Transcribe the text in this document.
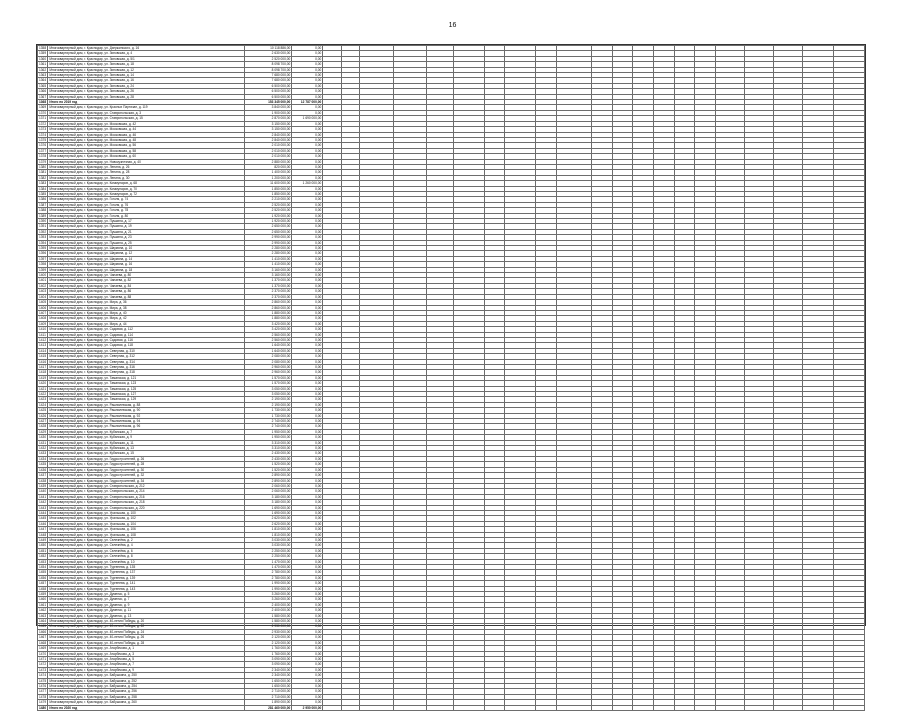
16
1358	Многоквартирный дом, г. Краснодар, ул. Дзержинского, д. 16	10 118 886,00	0,00																					
1359	Многоквартирный дом, г. Краснодар, ул. Зиповская, д. 4	2 630 000,00	0,00																					
1360	Многоквартирный дом, г. Краснодар, ул. Зиповская, д. 5/1	2 520 000,00	0,00																					
1361	Многоквартирный дом, г. Краснодар, ул. Зиповская, д. 18	8 098 700,00	0,00																					
1362	Многоквартирный дом, г. Краснодар, ул. Зиповская, д. 12	8 098 700,00	0,00																					
1363	Многоквартирный дом, г. Краснодар, ул. Зиповская, д. 14	7 680 000,00	0,00																					
1364	Многоквартирный дом, г. Краснодар, ул. Зиповская, д. 16	7 680 000,00	0,00																					
1365	Многоквартирный дом, г. Краснодар, ул. Зиповская, д. 24	6 500 000,00	0,00																					
1366	Многоквартирный дом, г. Краснодар, ул. Зиповская, д. 26	6 500 000,00	0,00																					
1367	Многоквартирный дом, г. Краснодар, ул. Зиповская, д. 28	6 500 000,00	0,00																					
1368	Итого по 2019 год	153 345 000,00	12 787 000,00																					
1369	Многоквартирный дом, г. Краснодар, ул. Красных Партизан, д. 119	3 840 000,00	0,00																					
1370	Многоквартирный дом, г. Краснодар, ул. Ставропольская, д. 3	1 900 000,00	0,00																					
1371	Многоквартирный дом, г. Краснодар, ул. Ставропольская, д. 15	2 870 000,00	1 690 000,00																					
1372	Многоквартирный дом, г. Краснодар, ул. Московская, д. 42	3 150 000,00	0,00																					
1373	Многоквартирный дом, г. Краснодар, ул. Московская, д. 44	3 150 000,00	0,00																					
1374	Многоквартирный дом, г. Краснодар, ул. Московская, д. 46	2 840 000,00	0,00																					
1375	Многоквартирный дом, г. Краснодар, ул. Московская, д. 48	2 840 000,00	0,00																					
1376	Многоквартирный дом, г. Краснодар, ул. Московская, д. 56	2 010 000,00	0,00																					
1377	Многоквартирный дом, г. Краснодар, ул. Московская, д. 58	2 010 000,00	0,00																					
1378	Многоквартирный дом, г. Краснодар, ул. Московская, д. 60	2 010 000,00	0,00																					
1379	Многоквартирный дом, г. Краснодар, ул. Новокузнечная, д. 40	2 880 000,00	0,00																					
1380	Многоквартирный дом, г. Краснодар, ул. Ленина, д. 26	820 000,00	0,00																					
1381	Многоквартирный дом, г. Краснодар, ул. Ленина, д. 28	1 400 000,00	0,00																					
1382	Многоквартирный дом, г. Краснодар, ул. Ленина, д. 30	1 200 000,00	0,00																					
1383	Многоквартирный дом, г. Краснодар, ул. Коммунаров, д. 68	11 600 000,00	1 260 000,00																					
1384	Многоквартирный дом, г. Краснодар, ул. Коммунаров, д. 70	1 850 000,00	0,00																					
1385	Многоквартирный дом, г. Краснодар, ул. Коммунаров, д. 72	1 850 000,00	0,00																					
1386	Многоквартирный дом, г. Краснодар, ул. Гоголя, д. 74	2 210 000,00	0,00																					
1387	Многоквартирный дом, г. Краснодар, ул. Гоголя, д. 76	2 520 000,00	0,00																					
1388	Многоквартирный дом, г. Краснодар, ул. Гоголя, д. 78	2 520 000,00	0,00																					
1389	Многоквартирный дом, г. Краснодар, ул. Гоголя, д. 80	1 920 000,00	0,00																					
1390	Многоквартирный дом, г. Краснодар, ул. Пушкина, д. 17	1 920 000,00	0,00																					
1391	Многоквартирный дом, г. Краснодар, ул. Пушкина, д. 19	2 650 000,00	0,00																					
1392	Многоквартирный дом, г. Краснодар, ул. Пушкина, д. 21	2 650 000,00	0,00																					
1393	Многоквартирный дом, г. Краснодар, ул. Пушкина, д. 23	2 990 000,00	0,00																					
1394	Многоквартирный дом, г. Краснодар, ул. Пушкина, д. 25	2 990 000,00	0,00																					
1395	Многоквартирный дом, г. Краснодар, ул. Шаумяна, д. 10	2 280 000,00	0,00																					
1396	Многоквартирный дом, г. Краснодар, ул. Шаумяна, д. 12	2 280 000,00	0,00																					
1397	Многоквартирный дом, г. Краснодар, ул. Шаумяна, д. 14	1 410 000,00	0,00																					
1398	Многоквартирный дом, г. Краснодар, ул. Шаумяна, д. 16	1 410 000,00	0,00																					
1399	Многоквартирный дом, г. Краснодар, ул. Шаумяна, д. 18	3 160 000,00	0,00																					
1400	Многоквартирный дом, г. Краснодар, ул. Чапаева, д. 80	3 160 000,00	0,00																					
1401	Многоквартирный дом, г. Краснодар, ул. Чапаева, д. 82	1 370 000,00	0,00																					
1402	Многоквартирный дом, г. Краснодар, ул. Чапаева, д. 84	1 370 000,00	0,00																					
1403	Многоквартирный дом, г. Краснодар, ул. Чапаева, д. 86	2 370 000,00	0,00																					
1404	Многоквартирный дом, г. Краснодар, ул. Чапаева, д. 88	2 370 000,00	0,00																					
1405	Многоквартирный дом, г. Краснодар, ул. Мира, д. 36	2 860 000,00	0,00																					
1406	Многоквартирный дом, г. Краснодар, ул. Мира, д. 38	2 860 000,00	0,00																					
1407	Многоквартирный дом, г. Краснодар, ул. Мира, д. 40	1 880 000,00	0,00																					
1408	Многоквартирный дом, г. Краснодар, ул. Мира, д. 42	1 880 000,00	0,00																					
1409	Многоквартирный дом, г. Краснодар, ул. Мира, д. 44	3 420 000,00	0,00																					
1410	Многоквартирный дом, г. Краснодар, ул. Садовая, д. 112	3 420 000,00	0,00																					
1411	Многоквартирный дом, г. Краснодар, ул. Садовая, д. 114	2 560 000,00	0,00																					
1412	Многоквартирный дом, г. Краснодар, ул. Садовая, д. 116	2 560 000,00	0,00																					
1413	Многоквартирный дом, г. Краснодар, ул. Садовая, д. 118	1 640 000,00	0,00																					
1414	Многоквартирный дом, г. Краснодар, ул. Северная, д. 310	1 640 000,00	0,00																					
1415	Многоквартирный дом, г. Краснодар, ул. Северная, д. 312	2 080 000,00	0,00																					
1416	Многоквартирный дом, г. Краснодар, ул. Северная, д. 314	2 080 000,00	0,00																					
1417	Многоквартирный дом, г. Краснодар, ул. Северная, д. 316	2 960 000,00	0,00																					
1418	Многоквартирный дом, г. Краснодар, ул. Северная, д. 318	2 960 000,00	0,00																					
1419	Многоквартирный дом, г. Краснодар, ул. Таманская, д. 121	1 570 000,00	0,00																					
1420	Многоквартирный дом, г. Краснодар, ул. Таманская, д. 123	1 570 000,00	0,00																					
1421	Многоквартирный дом, г. Краснодар, ул. Таманская, д. 125	3 050 000,00	0,00																					
1422	Многоквартирный дом, г. Краснодар, ул. Таманская, д. 127	3 050 000,00	0,00																					
1423	Многоквартирный дом, г. Краснодар, ул. Таманская, д. 129	2 190 000,00	0,00																					
1424	Многоквартирный дом, г. Краснодар, ул. Рашпилевская, д. 88	2 190 000,00	0,00																					
1425	Многоквартирный дом, г. Краснодар, ул. Рашпилевская, д. 90	1 730 000,00	0,00																					
1426	Многоквартирный дом, г. Краснодар, ул. Рашпилевская, д. 92	1 730 000,00	0,00																					
1427	Многоквартирный дом, г. Краснодар, ул. Рашпилевская, д. 94	2 740 000,00	0,00																					
1428	Многоквартирный дом, г. Краснодар, ул. Рашпилевская, д. 96	2 740 000,00	0,00																					
1429	Многоквартирный дом, г. Краснодар, ул. Кубанская, д. 7	1 950 000,00	0,00																					
1430	Многоквартирный дом, г. Краснодар, ул. Кубанская, д. 9	1 950 000,00	0,00																					
1431	Многоквартирный дом, г. Краснодар, ул. Кубанская, д. 11	3 310 000,00	0,00																					
1432	Многоквартирный дом, г. Краснодар, ул. Кубанская, д. 13	3 310 000,00	0,00																					
1433	Многоквартирный дом, г. Краснодар, ул. Кубанская, д. 15	2 430 000,00	0,00																					
1434	Многоквартирный дом, г. Краснодар, ул. Гидростроителей, д. 26	2 430 000,00	0,00																					
1435	Многоквартирный дом, г. Краснодар, ул. Гидростроителей, д. 28	1 520 000,00	0,00																					
1436	Многоквартирный дом, г. Краснодар, ул. Гидростроителей, д. 30	1 520 000,00	0,00																					
1437	Многоквартирный дом, г. Краснодар, ул. Гидростроителей, д. 32	2 890 000,00	0,00																					
1438	Многоквартирный дом, г. Краснодар, ул. Гидростроителей, д. 34	2 890 000,00	0,00																					
1439	Многоквартирный дом, г. Краснодар, ул. Ставропольская, д. 212	2 060 000,00	0,00																					
1440	Многоквартирный дом, г. Краснодар, ул. Ставропольская, д. 214	2 060 000,00	0,00																					
1441	Многоквартирный дом, г. Краснодар, ул. Ставропольская, д. 216	3 180 000,00	0,00																					
1442	Многоквартирный дом, г. Краснодар, ул. Ставропольская, д. 218	3 180 000,00	0,00																					
1443	Многоквартирный дом, г. Краснодар, ул. Ставропольская, д. 220	1 690 000,00	0,00																					
1444	Многоквартирный дом, г. Краснодар, ул. Уральская, д. 100	1 690 000,00	0,00																					
1445	Многоквартирный дом, г. Краснодар, ул. Уральская, д. 102	2 620 000,00	0,00																					
1446	Многоквартирный дом, г. Краснодар, ул. Уральская, д. 104	2 620 000,00	0,00																					
1447	Многоквартирный дом, г. Краснодар, ул. Уральская, д. 106	1 810 000,00	0,00																					
1448	Многоквартирный дом, г. Краснодар, ул. Уральская, д. 108	1 810 000,00	0,00																					
1449	Многоквартирный дом, г. Краснодар, ул. Селезнёва, д. 2	3 030 000,00	0,00																					
1450	Многоквартирный дом, г. Краснодар, ул. Селезнёва, д. 4	3 030 000,00	0,00																					
1451	Многоквартирный дом, г. Краснодар, ул. Селезнёва, д. 6	2 250 000,00	0,00																					
1452	Многоквартирный дом, г. Краснодар, ул. Селезнёва, д. 8	2 250 000,00	0,00																					
1453	Многоквартирный дом, г. Краснодар, ул. Селезнёва, д. 10	1 470 000,00	0,00																					
1454	Многоквартирный дом, г. Краснодар, ул. Тургенева, д. 135	1 470 000,00	0,00																					
1455	Многоквартирный дом, г. Краснодар, ул. Тургенева, д. 137	2 780 000,00	0,00																					
1456	Многоквартирный дом, г. Краснодар, ул. Тургенева, д. 139	2 780 000,00	0,00																					
1457	Многоквартирный дом, г. Краснодар, ул. Тургенева, д. 141	1 990 000,00	0,00																					
1458	Многоквартирный дом, г. Краснодар, ул. Тургенева, д. 143	1 990 000,00	0,00																					
1459	Многоквартирный дом, г. Краснодар, ул. Думенко, д. 5	3 260 000,00	0,00																					
1460	Многоквартирный дом, г. Краснодар, ул. Думенко, д. 7	3 260 000,00	0,00																					
1461	Многоквартирный дом, г. Краснодар, ул. Думенко, д. 9	2 400 000,00	0,00																					
1462	Многоквартирный дом, г. Краснодар, ул. Думенко, д. 11	2 400 000,00	0,00																					
1463	Многоквартирный дом, г. Краснодар, ул. Думенко, д. 13	1 580 000,00	0,00																					
1464	Многоквартирный дом, г. Краснодар, ул. 40-летия Победы, д. 20	1 580 000,00	0,00																					
1465	Многоквартирный дом, г. Краснодар, ул. 40-летия Победы, д. 22	2 930 000,00	0,00																					
1466	Многоквартирный дом, г. Краснодар, ул. 40-летия Победы, д. 24	2 930 000,00	0,00																					
1467	Многоквартирный дом, г. Краснодар, ул. 40-летия Победы, д. 26	2 120 000,00	0,00																					
1468	Многоквартирный дом, г. Краснодар, ул. 40-летия Победы, д. 28	2 120 000,00	0,00																					
1469	Многоквартирный дом, г. Краснодар, ул. Атарбекова, д. 1	1 760 000,00	0,00																					
1470	Многоквартирный дом, г. Краснодар, ул. Атарбекова, д. 3	1 760 000,00	0,00																					
1471	Многоквартирный дом, г. Краснодар, ул. Атарбекова, д. 5	3 090 000,00	0,00																					
1472	Многоквартирный дом, г. Краснодар, ул. Атарбекова, д. 7	3 090 000,00	0,00																					
1473	Многоквартирный дом, г. Краснодар, ул. Атарбекова, д. 9	2 340 000,00	0,00																					
1474	Многоквартирный дом, г. Краснодар, ул. Бабушкина, д. 250	2 340 000,00	0,00																					
1475	Многоквартирный дом, г. Краснодар, ул. Бабушкина, д. 252	1 650 000,00	0,00																					
1476	Многоквартирный дом, г. Краснодар, ул. Бабушкина, д. 254	1 650 000,00	0,00																					
1477	Многоквартирный дом, г. Краснодар, ул. Бабушкина, д. 256	2 710 000,00	0,00																					
1478	Многоквартирный дом, г. Краснодар, ул. Бабушкина, д. 258	2 710 000,00	0,00																					
1479	Многоквартирный дом, г. Краснодар, ул. Бабушкина, д. 260	1 890 000,00	0,00																					
1480	Итого по 2020 год	281 460 000,00	2 950 000,00																					
